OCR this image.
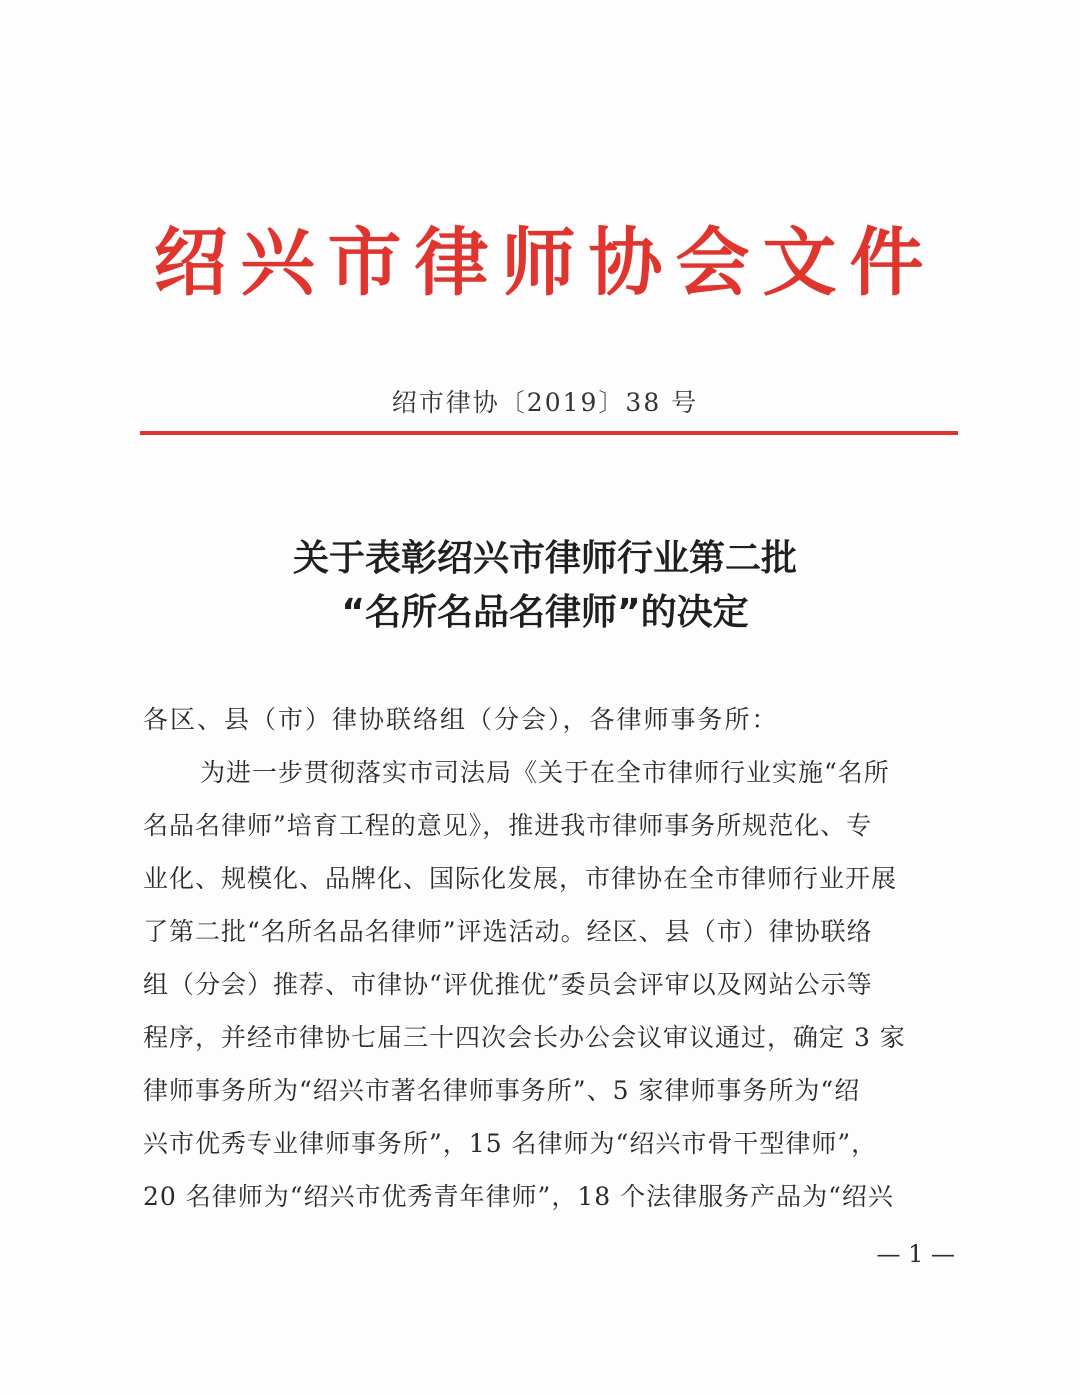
绍兴市律师协会文件
绍市律协〔2019〕38 号
关于表彰绍兴市律师行业第二批
“名所名品名律师”的决定
各区、县（市）律协联络组（分会），各律师事务所：
为进一步贯彻落实市司法局《关于在全市律师行业实施“名所
名品名律师”培育工程的意见》，推进我市律师事务所规范化、专
业化、规模化、品牌化、国际化发展，市律协在全市律师行业开展
了第二批“名所名品名律师”评选活动。经区、县（市）律协联络
组（分会）推荐、市律协“评优推优”委员会评审以及网站公示等
程序，并经市律协七届三十四次会长办公会议审议通过，确定 3 家
律师事务所为“绍兴市著名律师事务所”、5 家律师事务所为“绍
兴市优秀专业律师事务所”，15 名律师为“绍兴市骨干型律师”，
20 名律师为“绍兴市优秀青年律师”，18 个法律服务产品为“绍兴
— 1 —
